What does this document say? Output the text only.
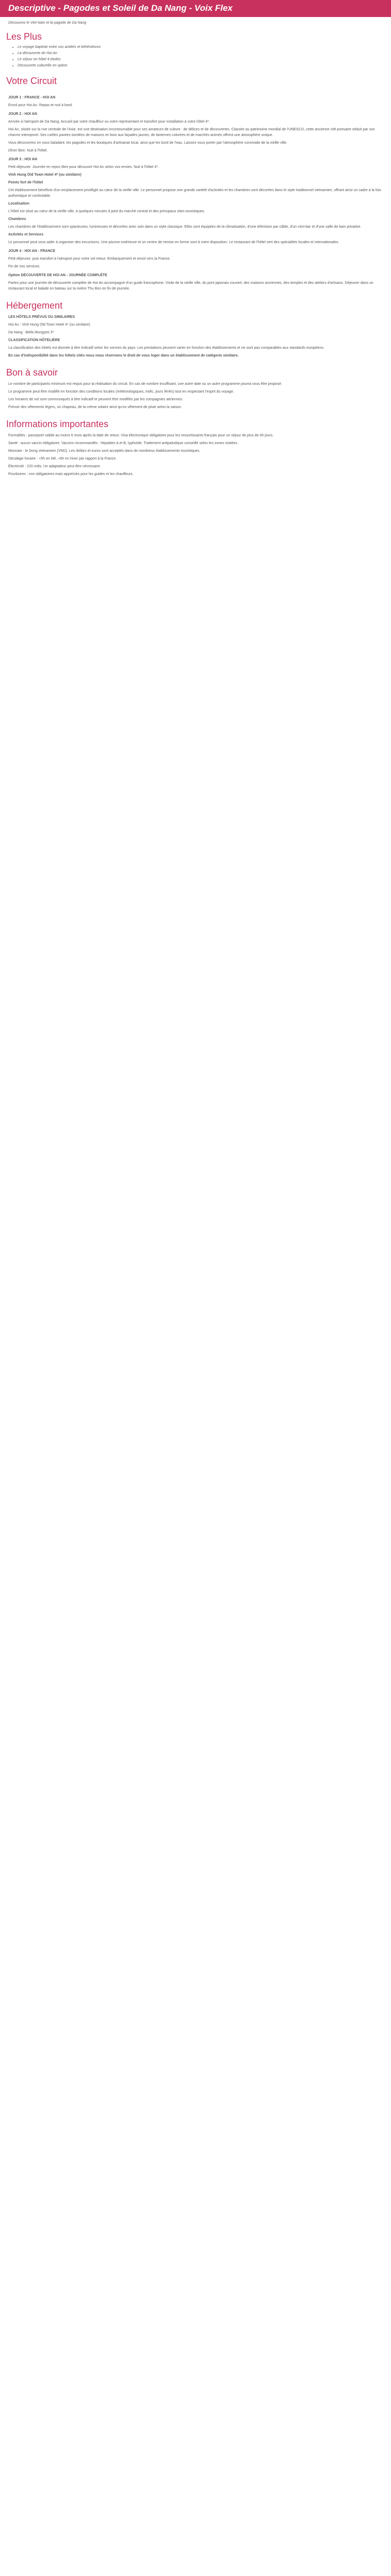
Descriptive - Pagodes et Soleil de Da Nang - Voix Flex
Découvrez le Viet Nam et la pagode de Da Nang
Les Plus
• Le voyage baptiste entre vos amitiés et béhénitrices
• La découverte de Hoi An
• Le séjour en hôtel 4 étoiles
• Découverte culturelle en option
Votre Circuit

JOUR 1 : FRANCE - HOI AN

Envol pour Hoi An. Repas et nuit à bord.

JOUR 2 : HOI AN

Arrivée à l'aéroport de Da Nang. Accueil par votre chauffeur ou votre représentant et transfert pour installation à votre hôtel 4*.

Hoi An, située sur la rive centrale de l'Asie, est une destination incontournable pour ses amateurs de culture : de délices et de découvertes. Classée au patrimoine mondial de l'UNESCO, cette ancienne cité portuaire séduit par son charme intemporel. Ses ruelles pavées bordées de maisons en bois aux façades jaunes, de lanternes colorées et de marchés animés offrent une atmosphère unique.

Vous découvrirez en vous baladant, les pagodes et les boutiques d'artisanat local, ainsi que les bord de l'eau. Laissez-vous porter par l'atmosphère conviviale de la vieille ville.

Dîner libre. Nuit à l'hôtel.

JOUR 3 : HOI AN

Petit déjeuner. Journée en repos libre pour découvrir Hoi An selon vos envies. Nuit à l'hôtel 4*.

Vinh Hung Old Town Hotel 4* (ou similaire)

Points fort de l'hôtel

Cet établissement bénéficie d'un emplacement privilégié au cœur de la vieille ville. Le personnel propose une grande variété d'activités et les chambres sont décorées dans le style traditionnel vietnamien, offrant ainsi un cadre à la fois authentique et confortable.

Localisation

L'hôtel est situé au cœur de la vieille ville, à quelques minutes à pied du marché central et des principaux sites touristiques.

Chambres

Les chambres de l'établissement sont spacieuses, lumineuses et décorées avec soin dans un style classique. Elles sont équipées de la climatisation, d'une télévision par câble, d'un mini-bar et d'une salle de bain privative.

Activités et Services

Le personnel peut vous aider à organiser des excursions. Une piscine extérieure et un centre de remise en forme sont à votre disposition. Le restaurant de l'hôtel sert des spécialités locales et internationales.

JOUR 4 : HOI AN - FRANCE

Petit déjeuner, puis transfert à l'aéroport pour votre vol retour. Embarquement et envol vers la France.

Fin de nos services.

Option DÉCOUVERTE DE HOI AN - JOURNÉE COMPLÈTE

Partez pour une journée de découverte complète de Hoi An accompagné d'un guide francophone. Visite de la vieille ville, du pont japonais couvert, des maisons anciennes, des temples et des ateliers d'artisans. Déjeuner dans un restaurant local et balade en bateau sur la rivière Thu Bon en fin de journée.

Hébergement

LES HÔTELS PRÉVUS OU SIMILAIRES

Hoi An : Vinh Hung Old Town Hotel 4* (ou similaire)

Da Nang : Bella Mungyeo 3*

CLASSIFICATION HÔTELIÈRE

La classification des hôtels est donnée à titre indicatif selon les normes du pays. Les prestations peuvent varier en fonction des établissements et ne sont pas comparables aux standards européens.

En cas d'indisponibilité dans les hôtels cités nous nous réservons le droit de vous loger dans un établissement de catégorie similaire.

Bon à savoir

Le nombre de participants minimum est requis pour la réalisation du circuit. En cas de nombre insuffisant, une autre date ou un autre programme pourra vous être proposé.

Le programme peut être modifié en fonction des conditions locales (météorologiques, trafic, jours fériés) tout en respectant l'esprit du voyage.

Les horaires de vol sont communiqués à titre indicatif et peuvent être modifiés par les compagnies aériennes.

Prévoir des vêtements légers, un chapeau, de la crème solaire ainsi qu'un vêtement de pluie selon la saison.

Informations importantes

Formalités : passeport valide au moins 6 mois après la date de retour. Visa électronique obligatoire pour les ressortissants français pour un séjour de plus de 45 jours.

Santé : aucun vaccin obligatoire. Vaccins recommandés : hépatites A et B, typhoïde. Traitement antipaludique conseillé selon les zones visitées.

Monnaie : le Dong vietnamien (VND). Les dollars et euros sont acceptés dans de nombreux établissements touristiques.

Décalage horaire : +5h en été, +6h en hiver par rapport à la France.

Électricité : 220 volts. Un adaptateur peut être nécessaire.

Pourboires : non obligatoires mais appréciés pour les guides et les chauffeurs.
